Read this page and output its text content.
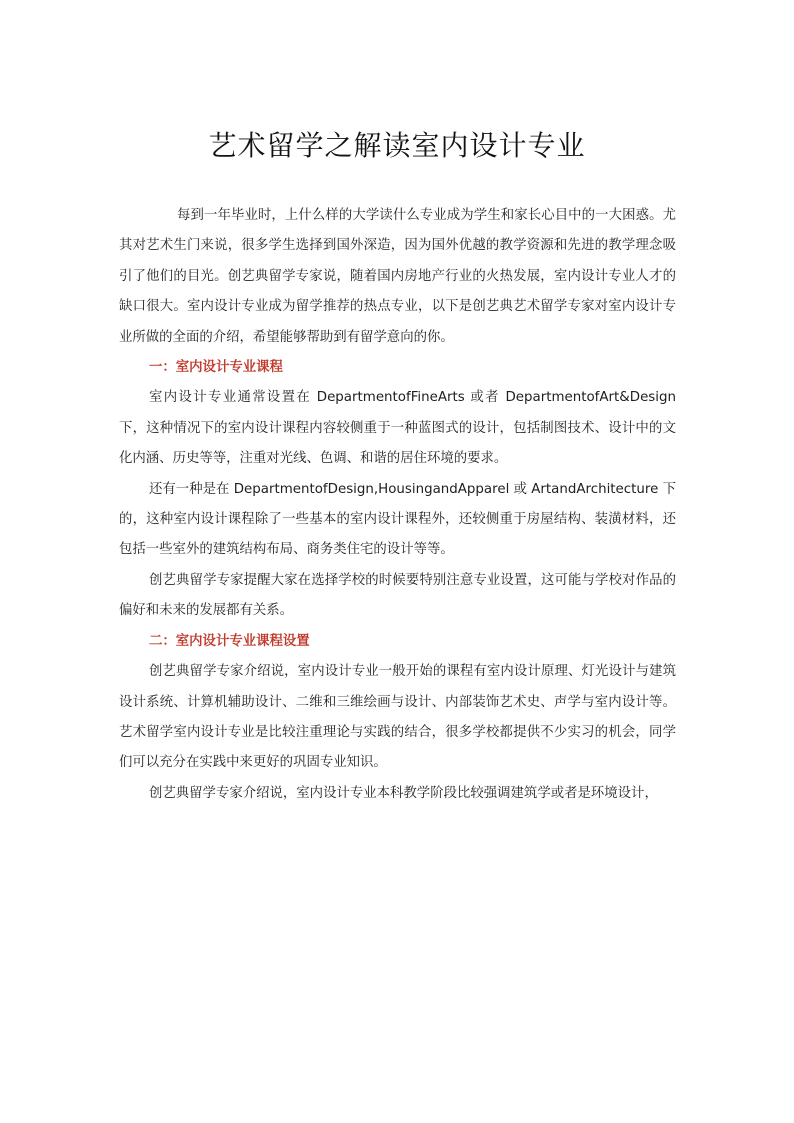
艺术留学之解读室内设计专业

每到一年毕业时，上什么样的大学读什么专业成为学生和家长心目中的一大困惑。尤其对艺术生门来说，很多学生选择到国外深造，因为国外优越的教学资源和先进的教学理念吸引了他们的目光。创艺典留学专家说，随着国内房地产行业的火热发展，室内设计专业人才的缺口很大。室内设计专业成为留学推荐的热点专业，以下是创艺典艺术留学专家对室内设计专业所做的全面的介绍，希望能够帮助到有留学意向的你。

一：室内设计专业课程

室内设计专业通常设置在 DepartmentofFineArts 或者 DepartmentofArt&Design 下，这种情况下的室内设计课程内容较侧重于一种蓝图式的设计，包括制图技术、设计中的文化内涵、历史等等，注重对光线、色调、和谐的居住环境的要求。

还有一种是在 DepartmentofDesign,HousingandApparel 或 ArtandArchitecture 下的，这种室内设计课程除了一些基本的室内设计课程外，还较侧重于房屋结构、装潢材料，还包括一些室外的建筑结构布局、商务类住宅的设计等等。

创艺典留学专家提醒大家在选择学校的时候要特别注意专业设置，这可能与学校对作品的偏好和未来的发展都有关系。

二：室内设计专业课程设置

创艺典留学专家介绍说，室内设计专业一般开始的课程有室内设计原理、灯光设计与建筑设计系统、计算机辅助设计、二维和三维绘画与设计、内部装饰艺术史、声学与室内设计等。艺术留学室内设计专业是比较注重理论与实践的结合，很多学校都提供不少实习的机会，同学们可以充分在实践中来更好的巩固专业知识。

创艺典留学专家介绍说，室内设计专业本科教学阶段比较强调建筑学或者是环境设计，
